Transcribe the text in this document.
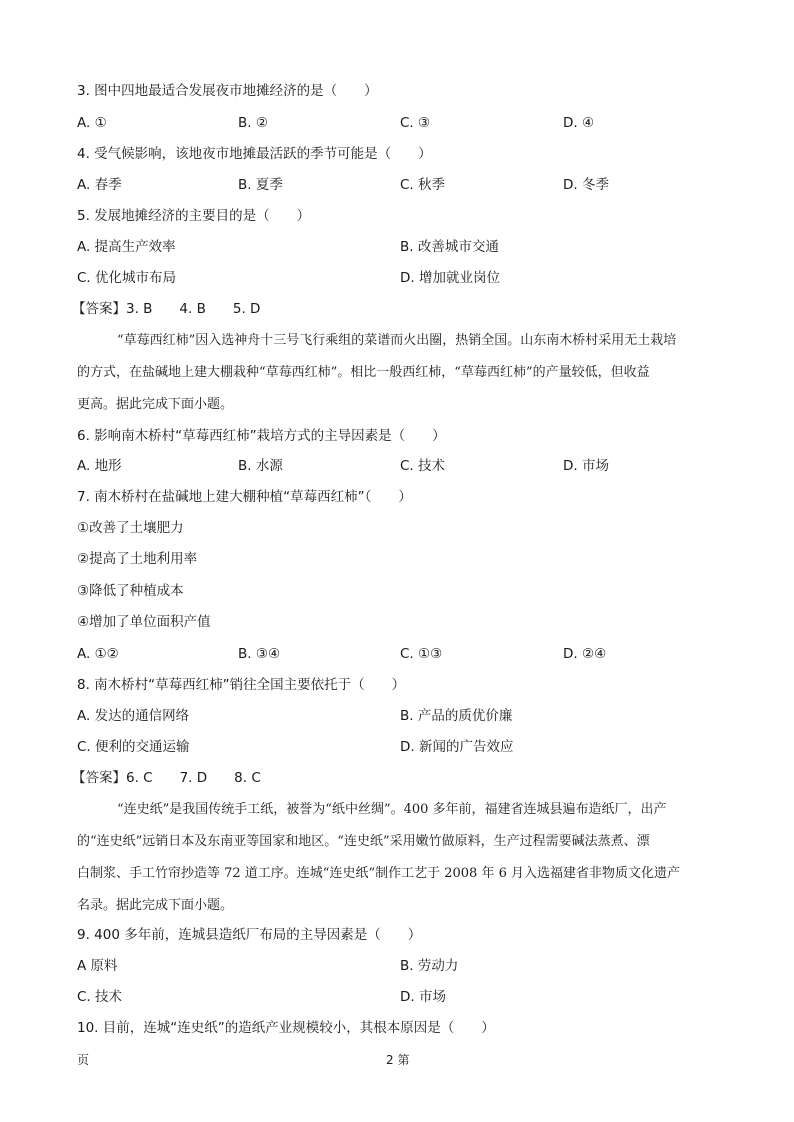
3. 图中四地最适合发展夜市地摊经济的是（　　）
A. ①	B. ②	C. ③	D. ④
4. 受气候影响，该地夜市地摊最活跃的季节可能是（　　）
A. 春季	B. 夏季	C. 秋季	D. 冬季
5. 发展地摊经济的主要目的是（　　）
A. 提高生产效率	B. 改善城市交通
C. 优化城市布局	D. 增加就业岗位
【答案】3. B　　4. B　　5. D
“草莓西红柿”因入选神舟十三号飞行乘组的菜谱而火出圈，热销全国。山东南木桥村采用无土栽培
的方式，在盐碱地上建大棚栽种“草莓西红柿”。相比一般西红柿，“草莓西红柿”的产量较低，但收益
更高。据此完成下面小题。
6. 影响南木桥村“草莓西红柿”栽培方式的主导因素是（　　）
A. 地形	B. 水源	C. 技术	D. 市场
7. 南木桥村在盐碱地上建大棚种植“草莓西红柿”（　　）
①改善了土壤肥力
②提高了土地利用率
③降低了种植成本
④增加了单位面积产值
A. ①②	B. ③④	C. ①③	D. ②④
8. 南木桥村“草莓西红柿”销往全国主要依托于（　　）
A. 发达的通信网络	B. 产品的质优价廉
C. 便利的交通运输	D. 新闻的广告效应
【答案】6. C　　7. D　　8. C
“连史纸”是我国传统手工纸，被誉为“纸中丝绸”。400 多年前，福建省连城县遍布造纸厂，出产
的“连史纸”远销日本及东南亚等国家和地区。“连史纸”采用嫩竹做原料，生产过程需要碱法蒸煮、漂
白制浆、手工竹帘抄造等 72 道工序。连城“连史纸”制作工艺于 2008 年 6 月入选福建省非物质文化遗产
名录。据此完成下面小题。
9. 400 多年前，连城县造纸厂布局的主导因素是（　　）
A 原料	B. 劳动力
C. 技术	D. 市场
10. 目前，连城“连史纸”的造纸产业规模较小，其根本原因是（　　）
页	2 第
